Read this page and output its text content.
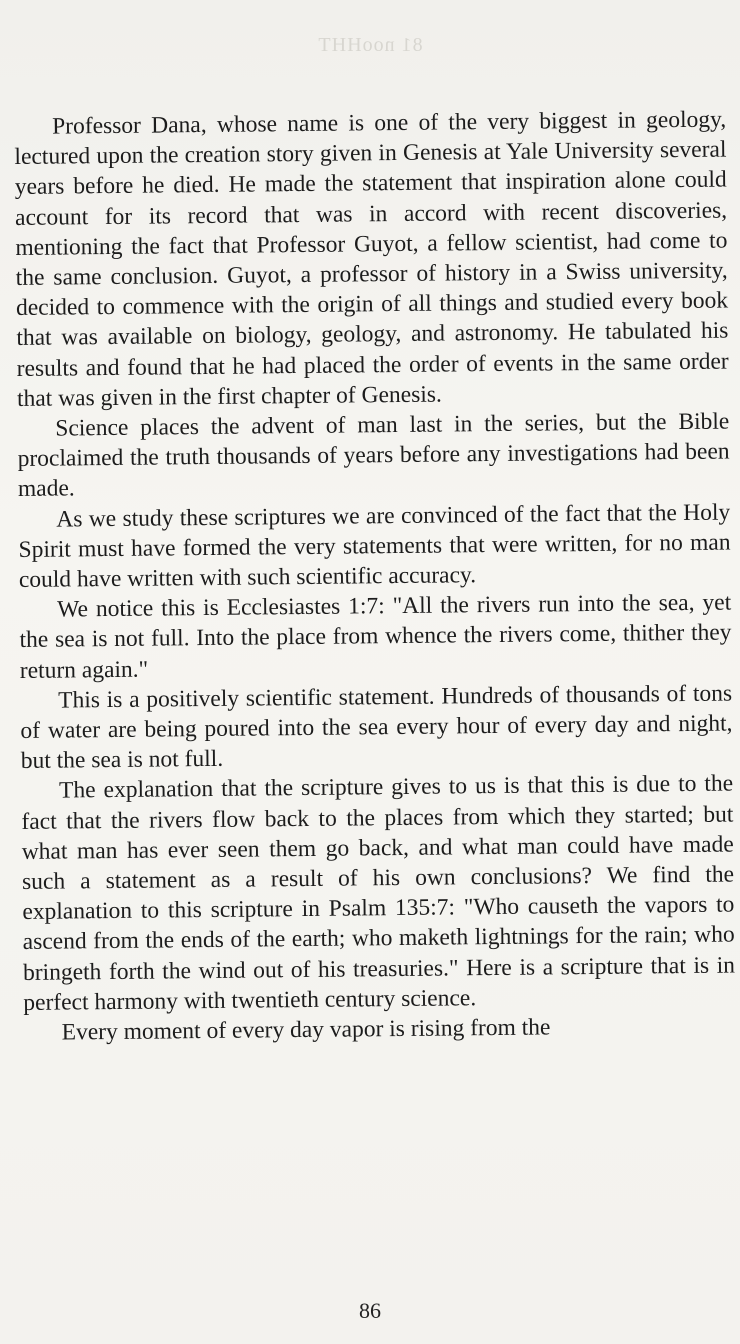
81 nooHHT

Professor Dana, whose name is one of the very biggest in geology, lectured upon the creation story given in Genesis at Yale University several years before he died. He made the statement that inspiration alone could account for its record that was in accord with recent discoveries, mentioning the fact that Professor Guyot, a fellow scientist, had come to the same conclusion. Guyot, a professor of history in a Swiss university, decided to commence with the origin of all things and studied every book that was available on biology, geology, and astronomy. He tabulated his results and found that he had placed the order of events in the same order that was given in the first chapter of Genesis.

Science places the advent of man last in the series, but the Bible proclaimed the truth thousands of years before any investigations had been made.

As we study these scriptures we are convinced of the fact that the Holy Spirit must have formed the very statements that were written, for no man could have written with such scientific accuracy.

We notice this is Ecclesiastes 1:7: "All the rivers run into the sea, yet the sea is not full. Into the place from whence the rivers come, thither they return again."

This is a positively scientific statement. Hundreds of thousands of tons of water are being poured into the sea every hour of every day and night, but the sea is not full.

The explanation that the scripture gives to us is that this is due to the fact that the rivers flow back to the places from which they started; but what man has ever seen them go back, and what man could have made such a statement as a result of his own conclusions? We find the explanation to this scripture in Psalm 135:7: "Who causeth the vapors to ascend from the ends of the earth; who maketh lightnings for the rain; who bringeth forth the wind out of his treasuries." Here is a scripture that is in perfect harmony with twentieth century science.

Every moment of every day vapor is rising from the

86
